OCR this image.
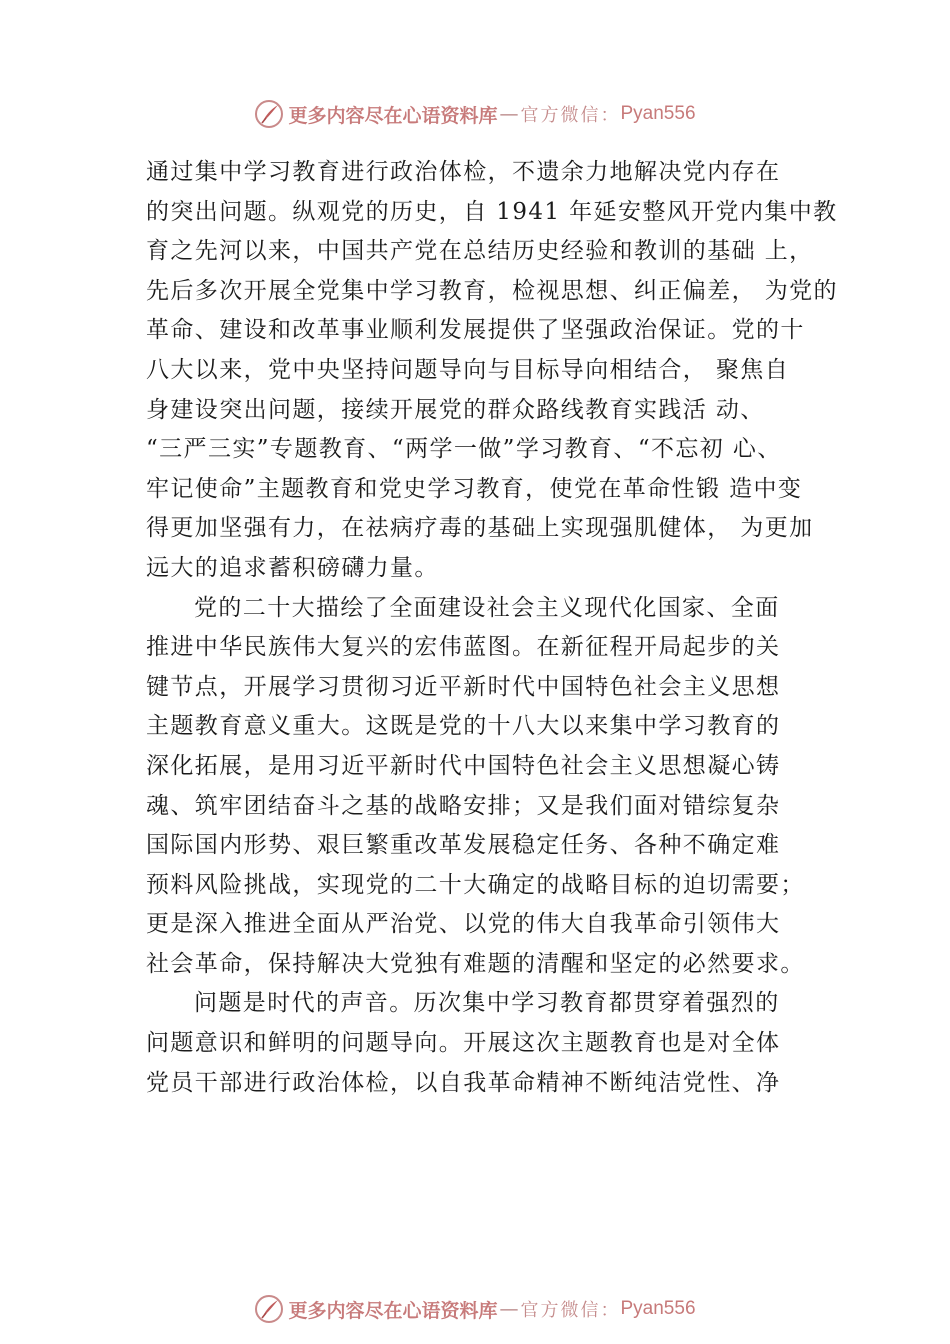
更多内容尽在心语资料库 — 官方微信： Pyan556
通过集中学习教育进行政治体检，不遗余力地解决党内存在
的突出问题。纵观党的历史，自 1941 年延安整风开党内集中教
育之先河以来，中国共产党在总结历史经验和教训的基础 上，
先后多次开展全党集中学习教育，检视思想、纠正偏差， 为党的
革命、建设和改革事业顺利发展提供了坚强政治保证。党的十
八大以来，党中央坚持问题导向与目标导向相结合， 聚焦自
身建设突出问题，接续开展党的群众路线教育实践活 动、
“三严三实”专题教育、“两学一做”学习教育、“不忘初 心、
牢记使命”主题教育和党史学习教育，使党在革命性锻 造中变
得更加坚强有力，在祛病疗毒的基础上实现强肌健体， 为更加
远大的追求蓄积磅礴力量。
党的二十大描绘了全面建设社会主义现代化国家、全面
推进中华民族伟大复兴的宏伟蓝图。在新征程开局起步的关
键节点，开展学习贯彻习近平新时代中国特色社会主义思想
主题教育意义重大。这既是党的十八大以来集中学习教育的
深化拓展，是用习近平新时代中国特色社会主义思想凝心铸
魂、筑牢团结奋斗之基的战略安排；又是我们面对错综复杂
国际国内形势、艰巨繁重改革发展稳定任务、各种不确定难
预料风险挑战，实现党的二十大确定的战略目标的迫切需要；
更是深入推进全面从严治党、以党的伟大自我革命引领伟大
社会革命，保持解决大党独有难题的清醒和坚定的必然要求。
问题是时代的声音。历次集中学习教育都贯穿着强烈的
问题意识和鲜明的问题导向。开展这次主题教育也是对全体
党员干部进行政治体检，以自我革命精神不断纯洁党性、净
更多内容尽在心语资料库 — 官方微信： Pyan556
